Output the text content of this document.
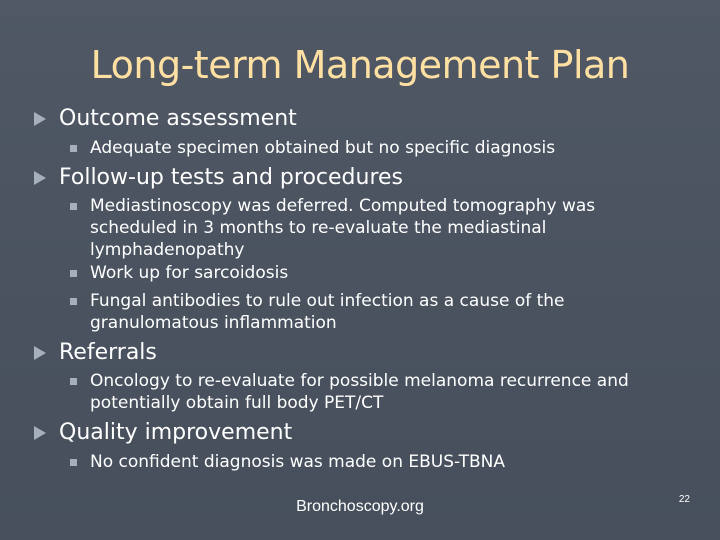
Long-term Management Plan
Outcome assessment
Adequate specimen obtained but no specific diagnosis
Follow-up tests and procedures
Mediastinoscopy was deferred. Computed tomography was scheduled in 3 months to re-evaluate the mediastinal lymphadenopathy
Work up for sarcoidosis
Fungal antibodies to rule out infection as a cause of the granulomatous inflammation
Referrals
Oncology to re-evaluate for possible melanoma recurrence and potentially obtain full body PET/CT
Quality improvement
No confident diagnosis was made on EBUS-TBNA
Bronchoscopy.org	22
